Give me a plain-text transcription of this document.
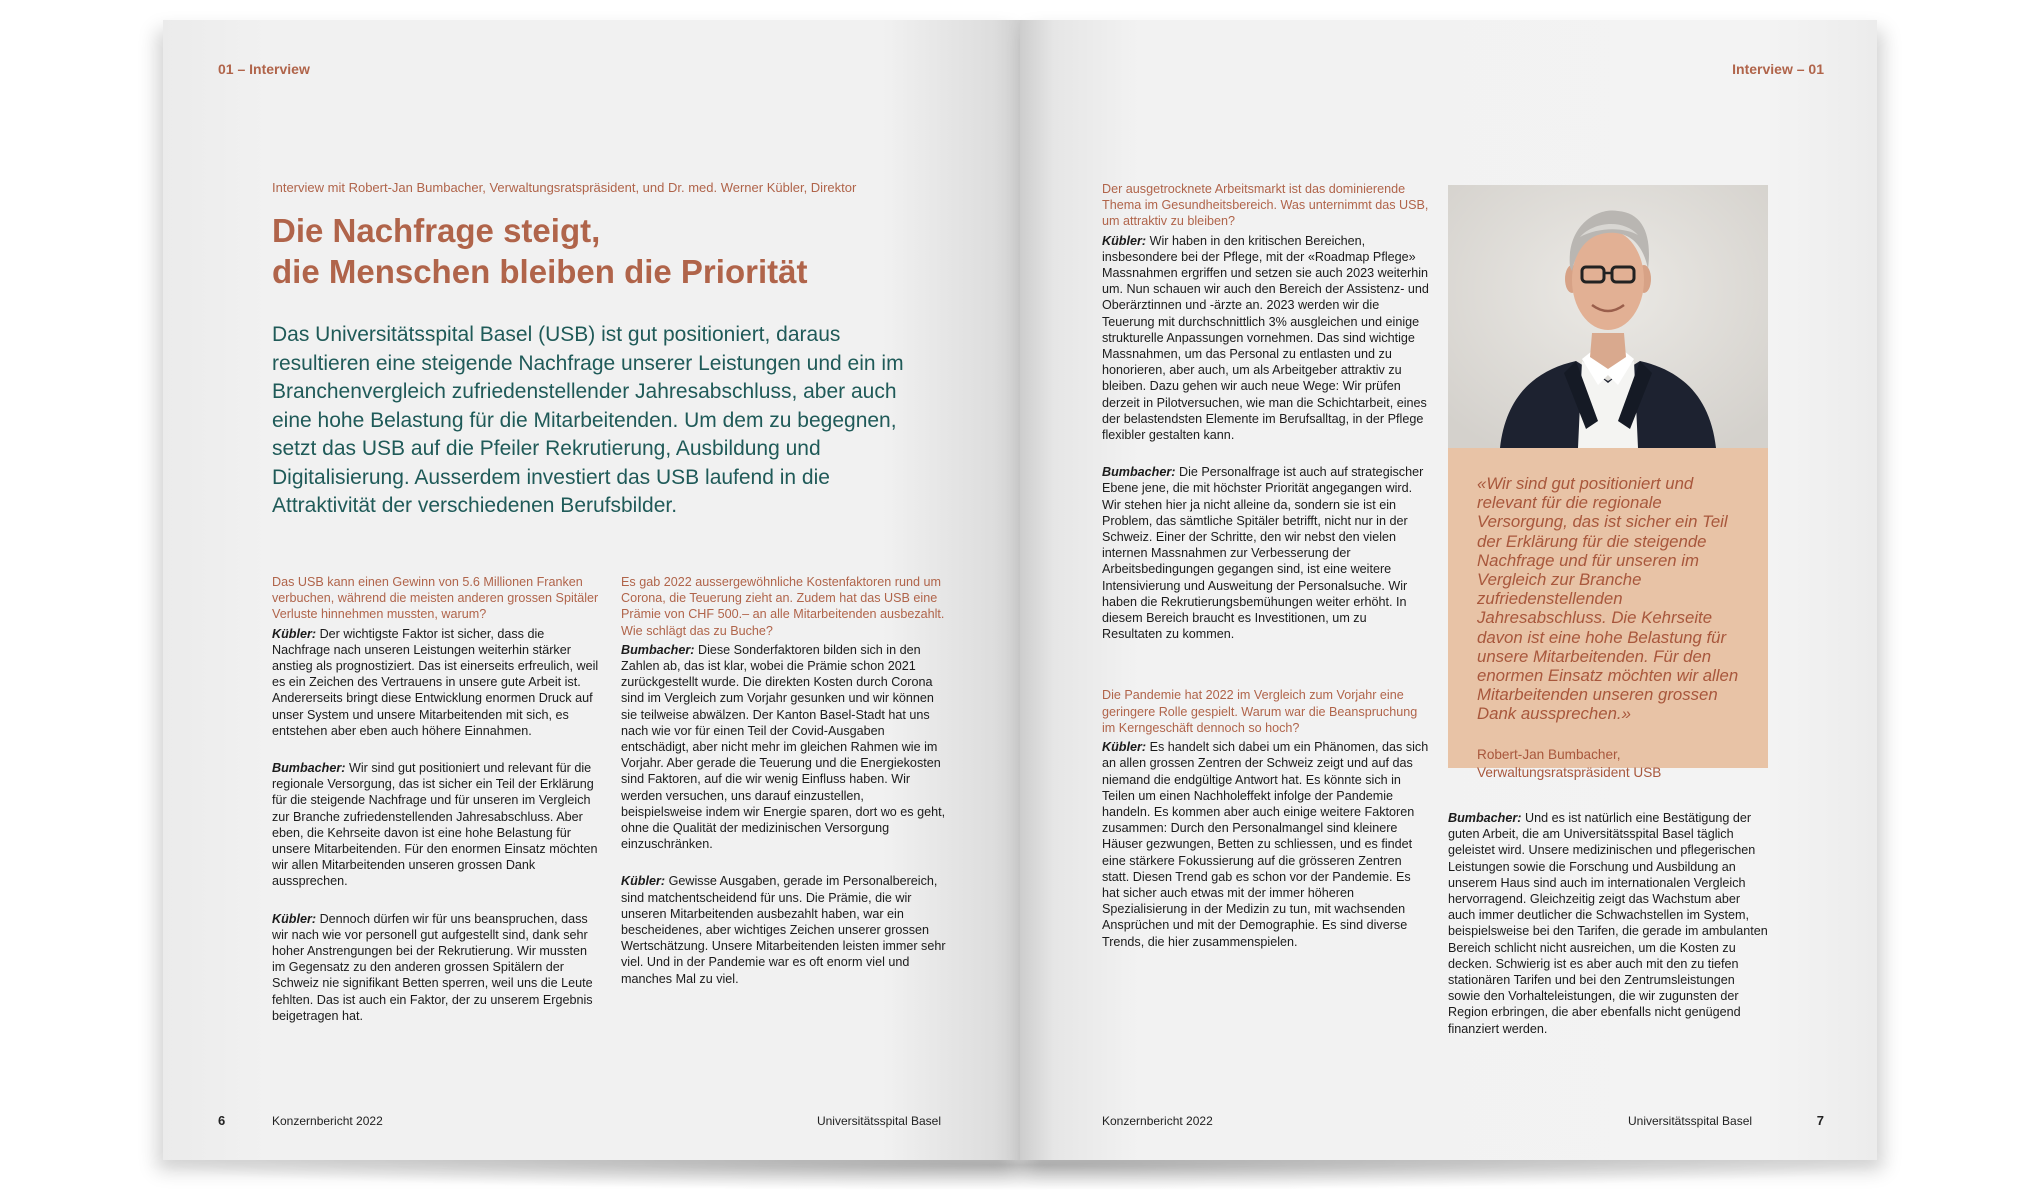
01 – Interview
Interview mit Robert-Jan Bumbacher, Verwaltungsratspräsident, und Dr. med. Werner Kübler, Direktor

Die Nachfrage steigt,

die Menschen bleiben die Priorität

Das Universitätsspital Basel (USB) ist gut positioniert, daraus resultieren eine steigende Nachfrage unserer Leistungen und ein im Branchenvergleich zufriedenstellender Jahresabschluss, aber auch eine hohe Belastung für die Mitarbeitenden. Um dem zu begegnen, setzt das USB auf die Pfeiler Rekrutierung, Ausbildung und Digitalisierung. Ausserdem investiert das USB laufend in die Attraktivität der verschiedenen Berufsbilder.

Das USB kann einen Gewinn von 5.6 Millionen Franken verbuchen, während die meisten anderen grossen Spitäler Verluste hinnehmen mussten, warum?

Kübler: Der wichtigste Faktor ist sicher, dass die Nachfrage nach unseren Leistungen weiterhin stärker anstieg als prognostiziert. Das ist einerseits erfreulich, weil es ein Zeichen des Vertrauens in unsere gute Arbeit ist. Andererseits bringt diese Entwicklung enormen Druck auf unser System und unsere Mitarbeitenden mit sich, es entstehen aber eben auch höhere Einnahmen.

Bumbacher: Wir sind gut positioniert und relevant für die regionale Versorgung, das ist sicher ein Teil der Erklärung für die steigende Nachfrage und für unseren im Vergleich zur Branche zufriedenstellenden Jahresabschluss. Aber eben, die Kehrseite davon ist eine hohe Belastung für unsere Mitarbeitenden. Für den enormen Einsatz möchten wir allen Mitarbeitenden unseren grossen Dank aussprechen.

Kübler: Dennoch dürfen wir für uns beanspruchen, dass wir nach wie vor personell gut aufgestellt sind, dank sehr hoher Anstrengungen bei der Rekrutierung. Wir mussten im Gegensatz zu den anderen grossen Spitälern der Schweiz nie signifikant Betten sperren, weil uns die Leute fehlten. Das ist auch ein Faktor, der zu unserem Ergebnis beigetragen hat.

Es gab 2022 aussergewöhnliche Kostenfaktoren rund um Corona, die Teuerung zieht an. Zudem hat das USB eine Prämie von CHF 500.– an alle Mitarbeitenden ausbezahlt. Wie schlägt das zu Buche?

Bumbacher: Diese Sonderfaktoren bilden sich in den Zahlen ab, das ist klar, wobei die Prämie schon 2021 zurückgestellt wurde. Die direkten Kosten durch Corona sind im Vergleich zum Vorjahr gesunken und wir können sie teilweise abwälzen. Der Kanton Basel-Stadt hat uns nach wie vor für einen Teil der Covid-Ausgaben entschädigt, aber nicht mehr im gleichen Rahmen wie im Vorjahr. Aber gerade die Teuerung und die Energiekosten sind Faktoren, auf die wir wenig Einfluss haben. Wir werden versuchen, uns darauf einzustellen, beispielsweise indem wir Energie sparen, dort wo es geht, ohne die Qualität der medizinischen Versorgung einzuschränken.

Kübler: Gewisse Ausgaben, gerade im Personalbereich, sind matchentscheidend für uns. Die Prämie, die wir unseren Mitarbeitenden ausbezahlt haben, war ein bescheidenes, aber wichtiges Zeichen unserer grossen Wertschätzung. Unsere Mitarbeitenden leisten immer sehr viel. Und in der Pandemie war es oft enorm viel und manches Mal zu viel.

6	Konzernbericht 2022	Universitätsspital Basel
Interview – 01

Der ausgetrocknete Arbeitsmarkt ist das dominierende Thema im Gesundheitsbereich. Was unternimmt das USB, um attraktiv zu bleiben?

Kübler: Wir haben in den kritischen Bereichen, insbesondere bei der Pflege, mit der «Roadmap Pflege» Massnahmen ergriffen und setzen sie auch 2023 weiterhin um. Nun schauen wir auch den Bereich der Assistenz- und Oberärztinnen und -ärzte an. 2023 werden wir die Teuerung mit durchschnittlich 3% ausgleichen und einige strukturelle Anpassungen vornehmen. Das sind wichtige Massnahmen, um das Personal zu entlasten und zu honorieren, aber auch, um als Arbeitgeber attraktiv zu bleiben. Dazu gehen wir auch neue Wege: Wir prüfen derzeit in Pilotversuchen, wie man die Schichtarbeit, eines der belastendsten Elemente im Berufsalltag, in der Pflege flexibler gestalten kann.

Bumbacher: Die Personalfrage ist auch auf strategischer Ebene jene, die mit höchster Priorität angegangen wird. Wir stehen hier ja nicht alleine da, sondern sie ist ein Problem, das sämtliche Spitäler betrifft, nicht nur in der Schweiz. Einer der Schritte, den wir nebst den vielen internen Massnahmen zur Verbesserung der Arbeitsbedingungen gegangen sind, ist eine weitere Intensivierung und Ausweitung der Personalsuche. Wir haben die Rekrutierungsbemühungen weiter erhöht. In diesem Bereich braucht es Investitionen, um zu Resultaten zu kommen.

Die Pandemie hat 2022 im Vergleich zum Vorjahr eine geringere Rolle gespielt. Warum war die Beanspruchung im Kerngeschäft dennoch so hoch?

Kübler: Es handelt sich dabei um ein Phänomen, das sich an allen grossen Zentren der Schweiz zeigt und auf das niemand die endgültige Antwort hat. Es könnte sich in Teilen um einen Nachholeffekt infolge der Pandemie handeln. Es kommen aber auch einige weitere Faktoren zusammen: Durch den Personalmangel sind kleinere Häuser gezwungen, Betten zu schliessen, und es findet eine stärkere Fokussierung auf die grösseren Zentren statt. Diesen Trend gab es schon vor der Pandemie. Es hat sicher auch etwas mit der immer höheren Spezialisierung in der Medizin zu tun, mit wachsenden Ansprüchen und mit der Demographie. Es sind diverse Trends, die hier zusammenspielen.

«Wir sind gut positioniert und relevant für die regionale Versorgung, das ist sicher ein Teil der Erklärung für die steigende Nachfrage und für unseren im Vergleich zur Branche zufriedenstellenden Jahresabschluss. Die Kehrseite davon ist eine hohe Belastung für unsere Mitarbeitenden. Für den enormen Einsatz möchten wir allen Mitarbeitenden unseren grossen Dank aussprechen.»
Robert-Jan Bumbacher,
Verwaltungsratspräsident USB

Bumbacher: Und es ist natürlich eine Bestätigung der guten Arbeit, die am Universitätsspital Basel täglich geleistet wird. Unsere medizinischen und pflegerischen Leistungen sowie die Forschung und Ausbildung an unserem Haus sind auch im internationalen Vergleich hervorragend. Gleichzeitig zeigt das Wachstum aber auch immer deutlicher die Schwachstellen im System, beispielsweise bei den Tarifen, die gerade im ambulanten Bereich schlicht nicht ausreichen, um die Kosten zu decken. Schwierig ist es aber auch mit den zu tiefen stationären Tarifen und bei den Zentrumsleistungen sowie den Vorhalteleistungen, die wir zugunsten der Region erbringen, die aber ebenfalls nicht genügend finanziert werden.

Konzernbericht 2022	Universitätsspital Basel	7
